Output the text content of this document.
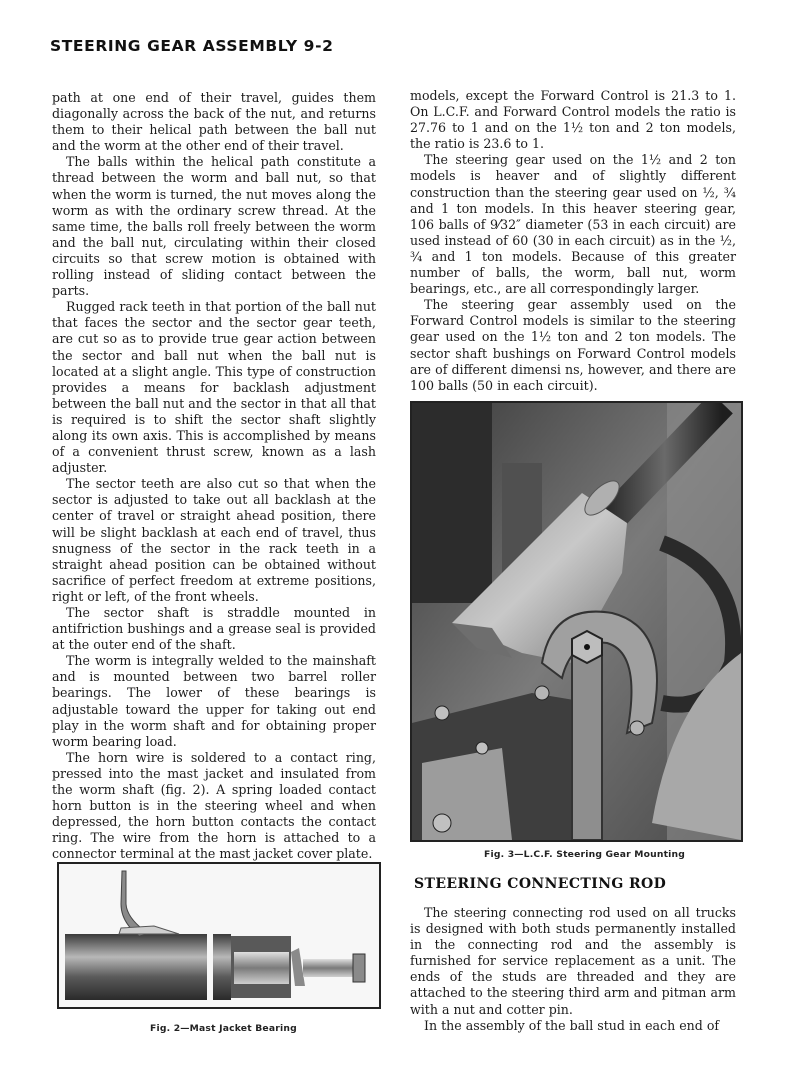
STEERING GEAR ASSEMBLY 9-2

path at one end of their travel, guides them diagonally across the back of the nut, and returns them to their helical path between the ball nut and the worm at the other end of their travel.

The balls within the helical path constitute a thread between the worm and ball nut, so that when the worm is turned, the nut moves along the worm as with the ordinary screw thread. At the same time, the balls roll freely between the worm and the ball nut, circulating within their closed circuits so that screw motion is obtained with rolling instead of sliding contact between the parts.

Rugged rack teeth in that portion of the ball nut that faces the sector and the sector gear teeth, are cut so as to provide true gear action between the sector and ball nut when the ball nut is located at a slight angle. This type of construction provides a means for backlash adjustment between the ball nut and the sector in that all that is required is to shift the sector shaft slightly along its own axis. This is accomplished by means of a convenient thrust screw, known as a lash adjuster.

The sector teeth are also cut so that when the sector is adjusted to take out all backlash at the center of travel or straight ahead position, there will be slight backlash at each end of travel, thus snugness of the sector in the rack teeth in a straight ahead position can be obtained without sacrifice of perfect freedom at extreme positions, right or left, of the front wheels.

The sector shaft is straddle mounted in antifriction bushings and a grease seal is provided at the outer end of the shaft.

The worm is integrally welded to the mainshaft and is mounted between two barrel roller bearings. The lower of these bearings is adjustable toward the upper for taking out end play in the worm shaft and for obtaining proper worm bearing load.

The horn wire is soldered to a contact ring, pressed into the mast jacket and insulated from the worm shaft (fig. 2). A spring loaded contact horn button is in the steering wheel and when depressed, the horn button contacts the contact ring. The wire from the horn is attached to a connector terminal at the mast jacket cover plate.

models, except the Forward Control is 21.3 to 1. On L.C.F. and Forward Control models the ratio is 27.76 to 1 and on the 1½ ton and 2 ton models, the ratio is 23.6 to 1.

The steering gear used on the 1½ and 2 ton models is heaver and of slightly different construction than the steering gear used on ½, ¾ and 1 ton models. In this heaver steering gear, 106 balls of 9⁄32″ diameter (53 in each circuit) are used instead of 60 (30 in each circuit) as in the ½, ¾ and 1 ton models. Because of this greater number of balls, the worm, ball nut, worm bearings, etc., are all correspondingly larger.

The steering gear assembly used on the Forward Control models is similar to the steering gear used on the 1½ ton and 2 ton models. The sector shaft bushings on Forward Control models are of different dimensi ns, however, and there are 100 balls (50 in each circuit).

Fig. 3—L.C.F. Steering Gear Mounting
STEERING CONNECTING ROD

The steering connecting rod used on all trucks is designed with both studs permanently installed in the connecting rod and the assembly is furnished for service replacement as a unit. The ends of the studs are threaded and they are attached to the steering third arm and pitman arm with a nut and cotter pin.

In the assembly of the ball stud in each end of

Fig. 2—Mast Jacket Bearing
